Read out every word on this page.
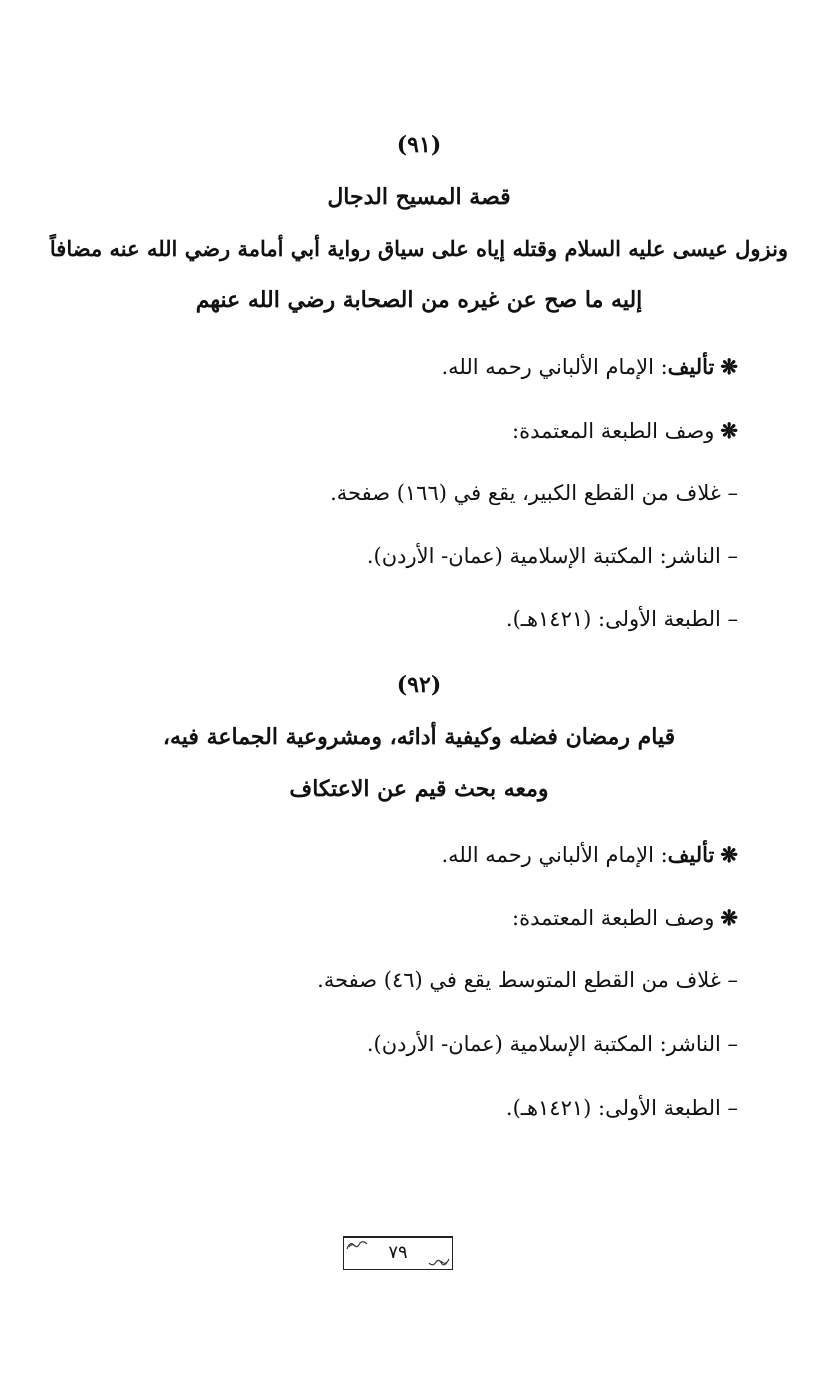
(٩١)
قصة المسيح الدجال
ونزول عيسى عليه السلام وقتله إياه على سياق رواية أبي أمامة رضي الله عنه مضافاً
إليه ما صح عن غيره من الصحابة رضي الله عنهم
❋تأليف: الإمام الألباني رحمه الله.
❋وصف الطبعة المعتمدة:
– غلاف من القطع الكبير، يقع في (١٦٦) صفحة.
– الناشر: المكتبة الإسلامية (عمان- الأردن).
– الطبعة الأولى: (١٤٢١هـ).
(٩٢)
قيام رمضان فضله وكيفية أدائه، ومشروعية الجماعة فيه،
ومعه بحث قيم عن الاعتكاف
❋تأليف: الإمام الألباني رحمه الله.
❋وصف الطبعة المعتمدة:
– غلاف من القطع المتوسط يقع في (٤٦) صفحة.
– الناشر: المكتبة الإسلامية (عمان- الأردن).
– الطبعة الأولى: (١٤٢١هـ).
٧٩
